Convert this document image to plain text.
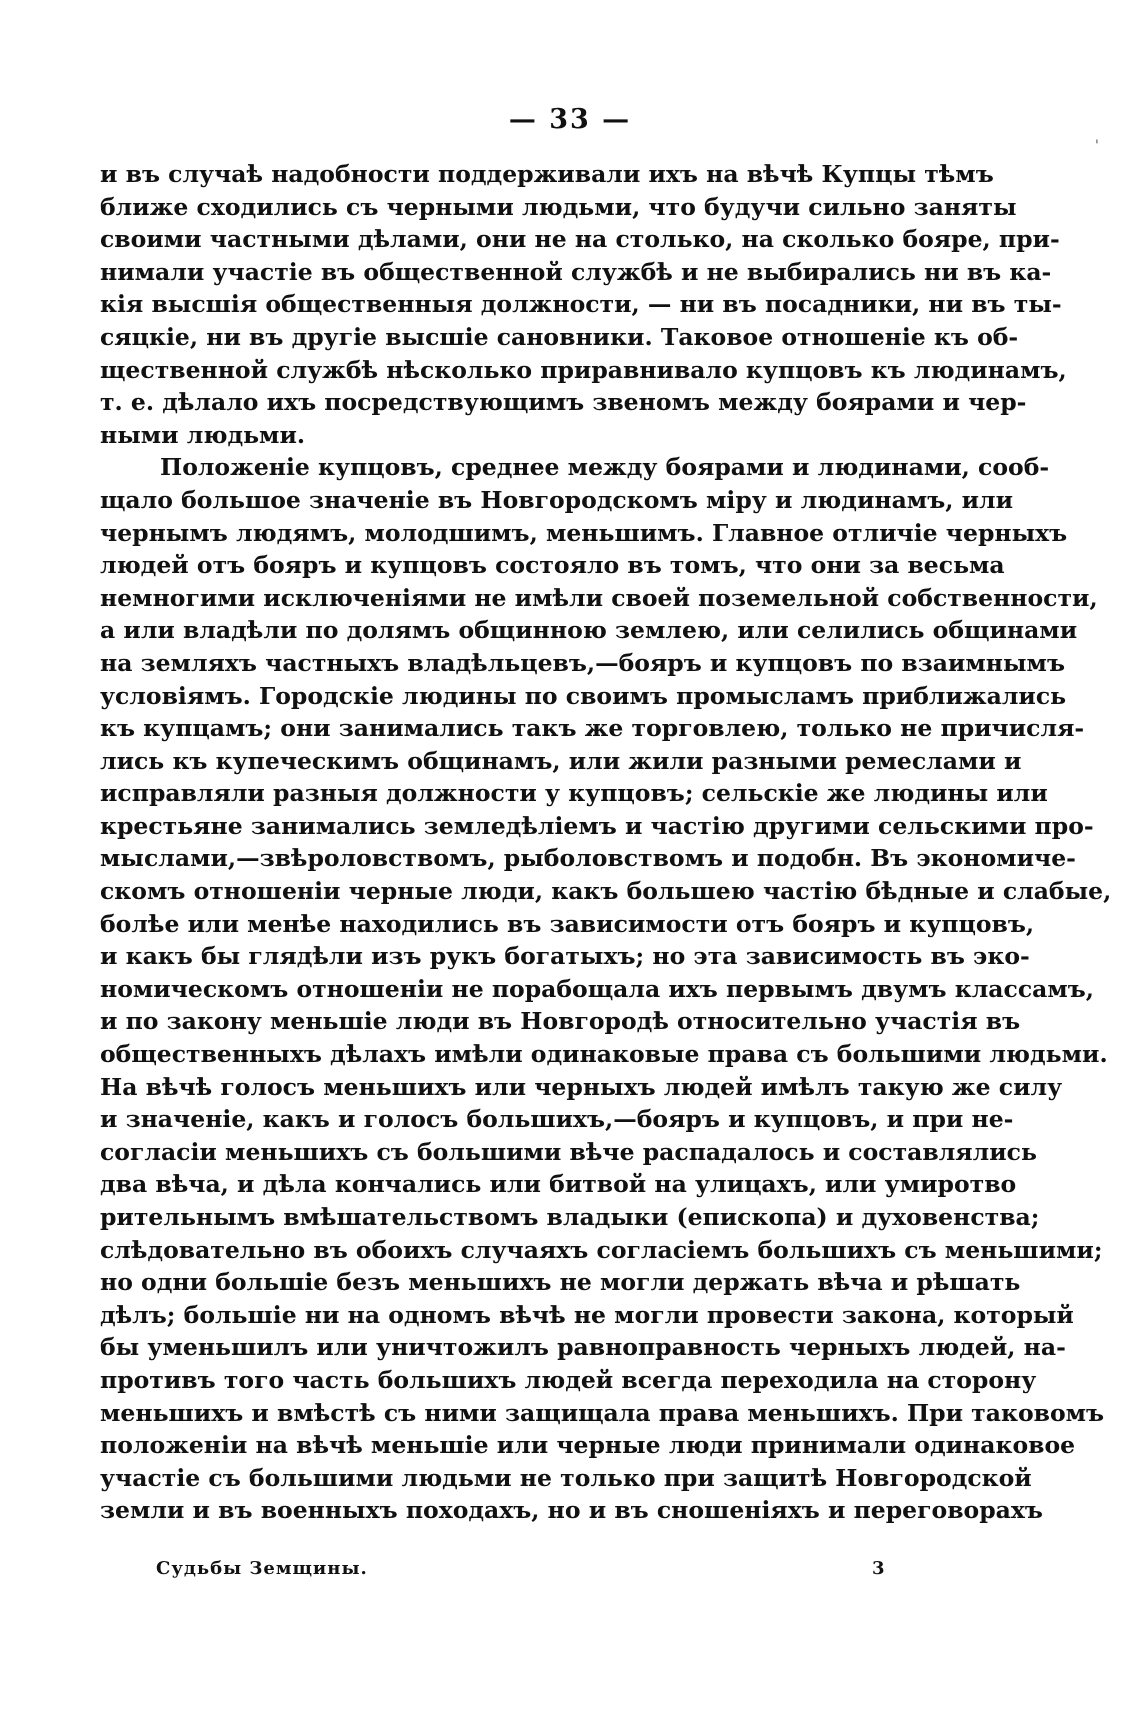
— 33 —
'
и въ случаѣ надобности поддерживали ихъ на вѣчѣ Купцы тѣмъ
ближе сходились съ черными людьми, что будучи сильно заняты
своими частными дѣлами, они не на столько, на сколько бояре, при-
нимали участіе въ общественной службѣ и не выбирались ни въ ка-
кія высшія общественныя должности, — ни въ посадники, ни въ ты-
сяцкіе, ни въ другіе высшіе сановники. Таковое отношеніе къ об-
щественной службѣ нѣсколько приравнивало купцовъ къ людинамъ,
т. е. дѣлало ихъ посредствующимъ звеномъ между боярами и чер-
ными людьми.
Положеніе купцовъ, среднее между боярами и людинами, сооб-
щало большое значеніе въ Новгородскомъ міру и людинамъ, или
чернымъ людямъ, молодшимъ, меньшимъ. Главное отличіе черныхъ
людей отъ бояръ и купцовъ состояло въ томъ, что они за весьма
немногими исключеніями не имѣли своей поземельной собственности,
а или владѣли по долямъ общинною землею, или селились общинами
на земляхъ частныхъ владѣльцевъ,—бояръ и купцовъ по взаимнымъ
условіямъ. Городскіе людины по своимъ промысламъ приближались
къ купцамъ; они занимались такъ же торговлею, только не причисля-
лись къ купеческимъ общинамъ, или жили разными ремеслами и
исправляли разныя должности у купцовъ; сельскіе же людины или
крестьяне занимались земледѣліемъ и частію другими сельскими про-
мыслами,—звѣроловствомъ, рыболовствомъ и подобн. Въ экономиче-
скомъ отношеніи черные люди, какъ большею частію бѣдные и слабые,
болѣе или менѣе находились въ зависимости отъ бояръ и купцовъ,
и какъ бы глядѣли изъ рукъ богатыхъ; но эта зависимость въ эко-
номическомъ отношеніи не порабощала ихъ первымъ двумъ классамъ,
и по закону меньшіе люди въ Новгородѣ относительно участія въ
общественныхъ дѣлахъ имѣли одинаковые права съ большими людьми.
На вѣчѣ голосъ меньшихъ или черныхъ людей имѣлъ такую же силу
и значеніе, какъ и голосъ большихъ,—бояръ и купцовъ, и при не-
согласіи меньшихъ съ большими вѣче распадалось и составлялись
два вѣча, и дѣла кончались или битвой на улицахъ, или умиротво
рительнымъ вмѣшательствомъ владыки (епископа) и духовенства;
слѣдовательно въ обоихъ случаяхъ согласіемъ большихъ съ меньшими;
но одни большіе безъ меньшихъ не могли держать вѣча и рѣшать
дѣлъ; большіе ни на одномъ вѣчѣ не могли провести закона, который
бы уменьшилъ или уничтожилъ равноправность черныхъ людей, на-
противъ того часть большихъ людей всегда переходила на сторону
меньшихъ и вмѣстѣ съ ними защищала права меньшихъ. При таковомъ
положеніи на вѣчѣ меньшіе или черные люди принимали одинаковое
участіе съ большими людьми не только при защитѣ Новгородской
земли и въ военныхъ походахъ, но и въ сношеніяхъ и переговорахъ
Судьбы Земщины.	3
